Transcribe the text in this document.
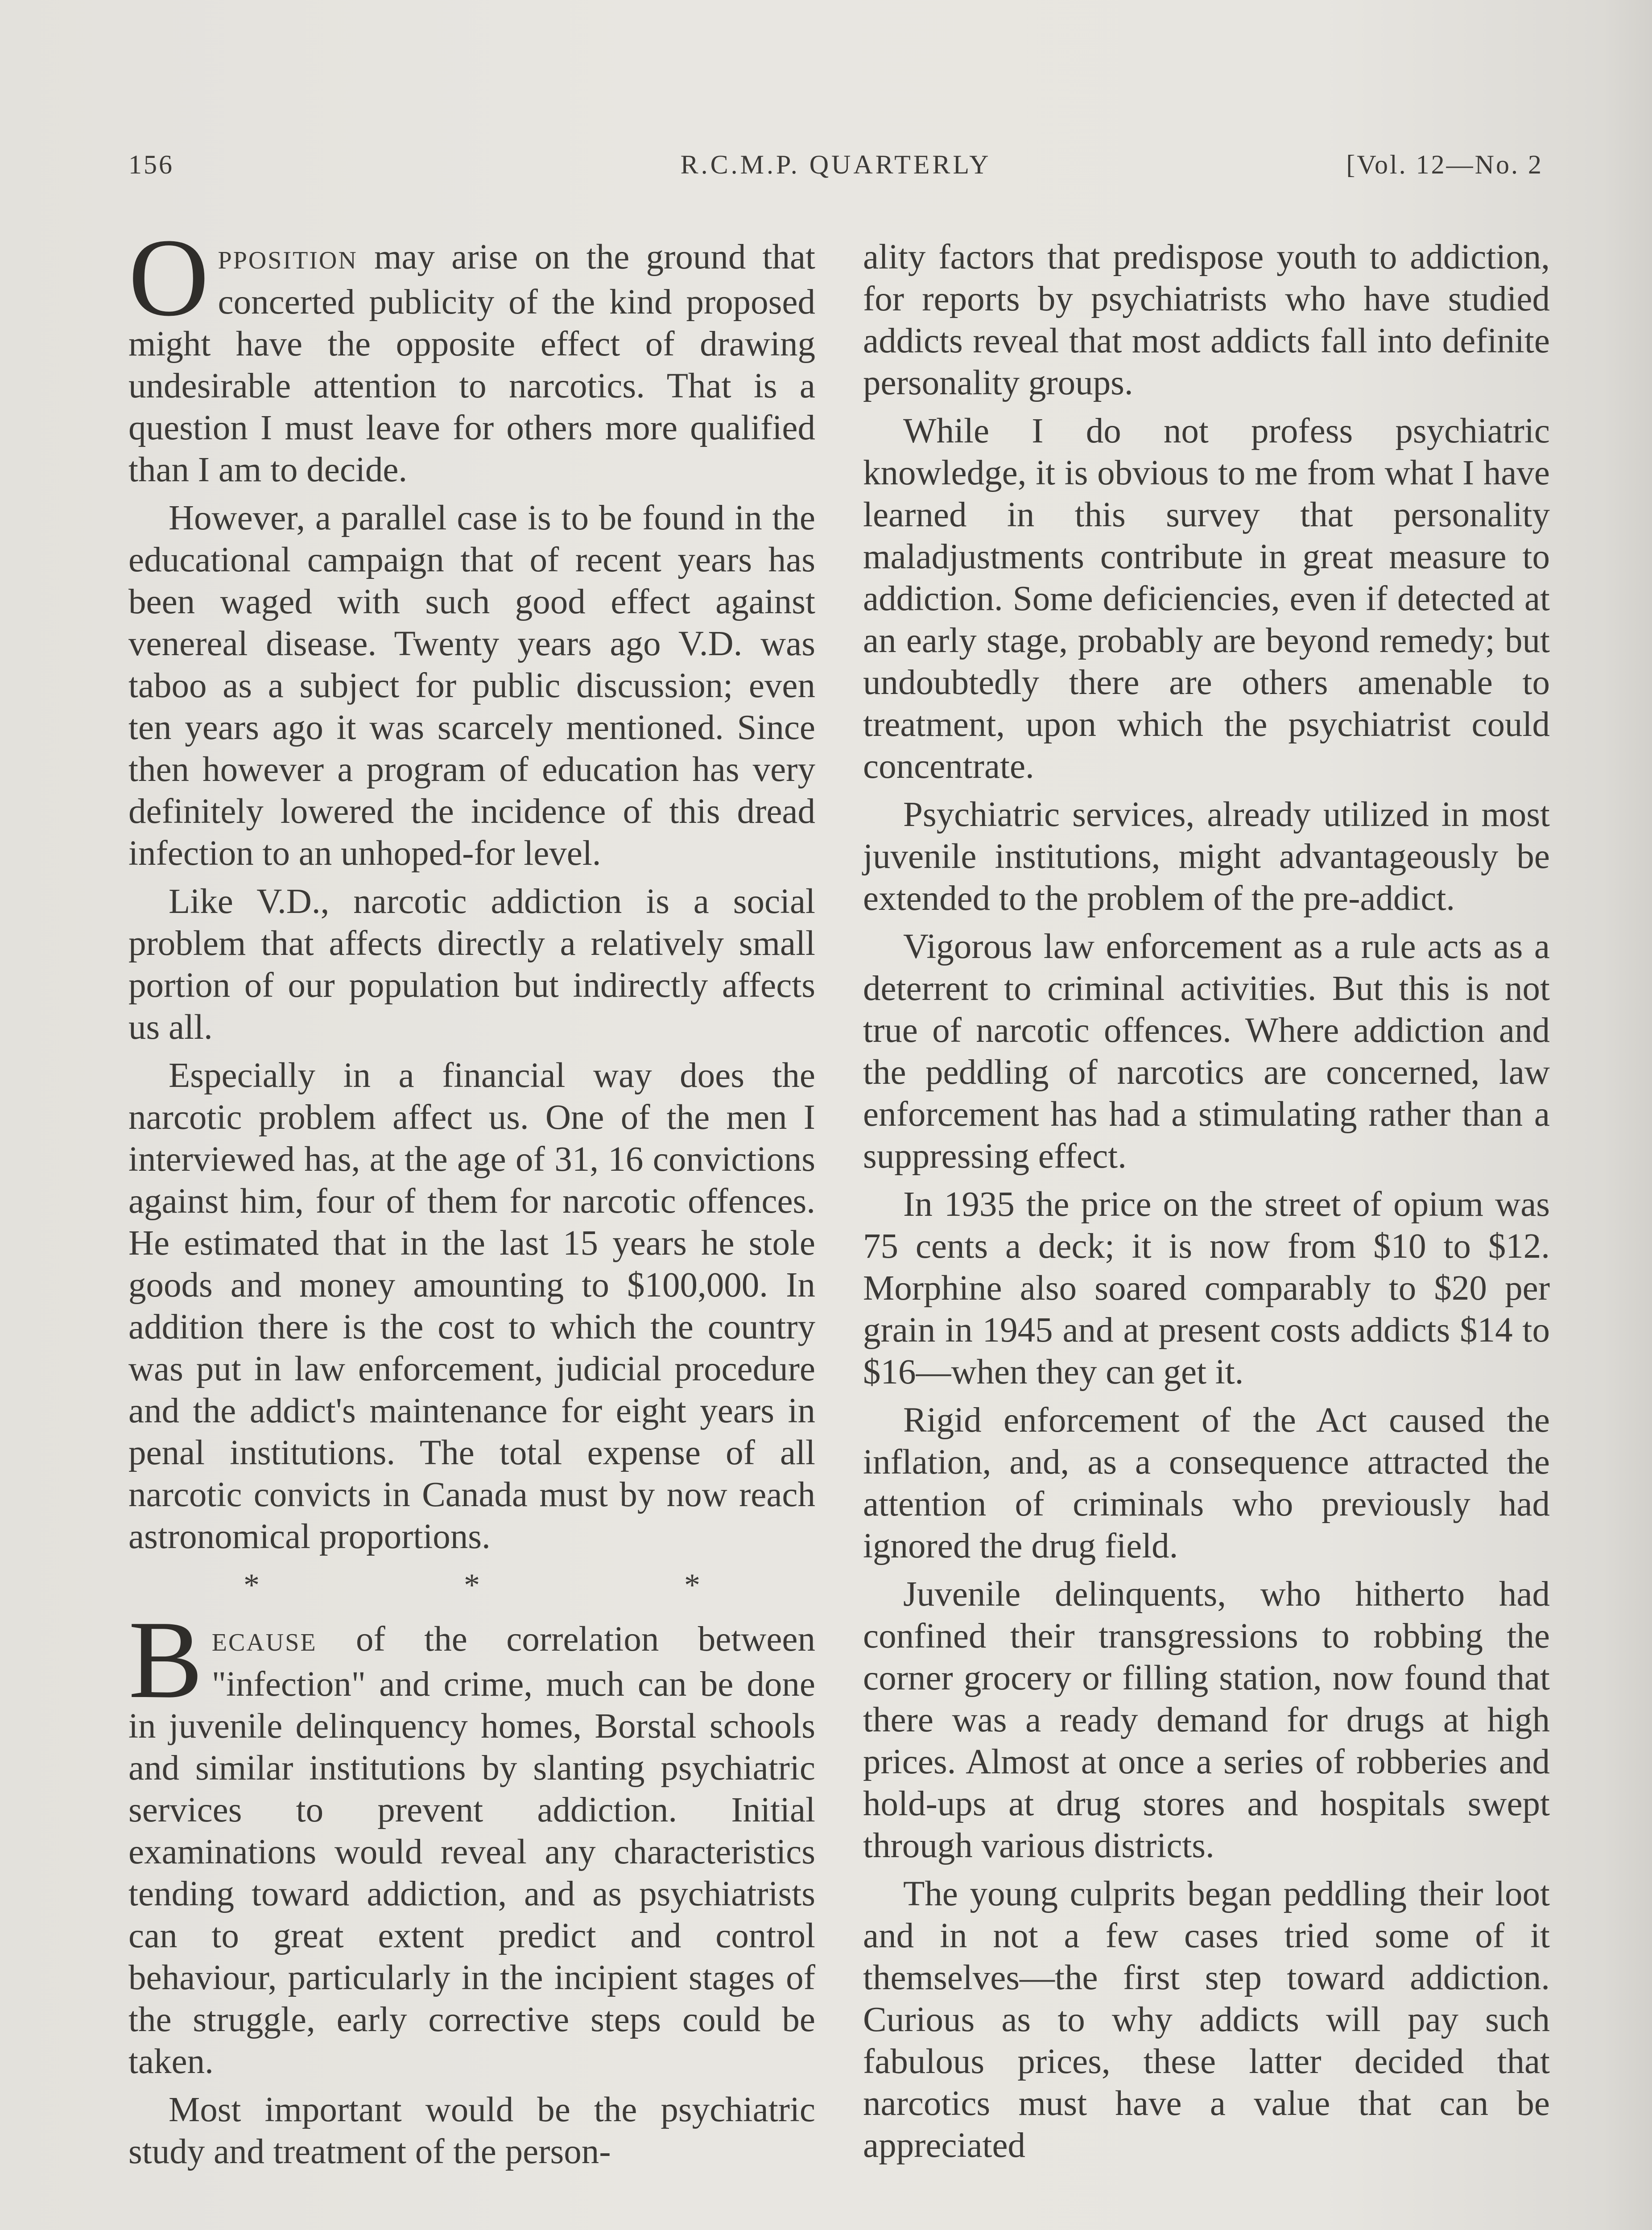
156	R.C.M.P. QUARTERLY	[Vol. 12—No. 2

OPPOSITION may arise on the ground that concerted publicity of the kind proposed might have the opposite effect of drawing undesirable attention to narcotics. That is a question I must leave for others more qualified than I am to decide.

However, a parallel case is to be found in the educational campaign that of recent years has been waged with such good effect against venereal disease. Twenty years ago V.D. was taboo as a subject for public discussion; even ten years ago it was scarcely mentioned. Since then however a program of education has very definitely lowered the incidence of this dread infection to an unhoped-for level.

Like V.D., narcotic addiction is a social problem that affects directly a relatively small portion of our population but indirectly affects us all.

Especially in a financial way does the narcotic problem affect us. One of the men I interviewed has, at the age of 31, 16 convictions against him, four of them for narcotic offences. He estimated that in the last 15 years he stole goods and money amounting to $100,000. In addition there is the cost to which the country was put in law enforcement, judicial procedure and the addict's maintenance for eight years in penal institutions. The total expense of all narcotic convicts in Canada must by now reach astronomical proportions.

* * *

BECAUSE of the correlation between "infection" and crime, much can be done in juvenile delinquency homes, Borstal schools and similar institutions by slanting psychiatric services to prevent addiction. Initial examinations would reveal any characteristics tending toward addiction, and as psychiatrists can to great extent predict and control behaviour, particularly in the incipient stages of the struggle, early corrective steps could be taken.

Most important would be the psychiatric study and treatment of the person-

ality factors that predispose youth to addiction, for reports by psychiatrists who have studied addicts reveal that most addicts fall into definite personality groups.

While I do not profess psychiatric knowledge, it is obvious to me from what I have learned in this survey that personality maladjustments contribute in great measure to addiction. Some deficiencies, even if detected at an early stage, probably are beyond remedy; but undoubtedly there are others amenable to treatment, upon which the psychiatrist could concentrate.

Psychiatric services, already utilized in most juvenile institutions, might advantageously be extended to the problem of the pre-addict.

Vigorous law enforcement as a rule acts as a deterrent to criminal activities. But this is not true of narcotic offences. Where addiction and the peddling of narcotics are concerned, law enforcement has had a stimulating rather than a suppressing effect.

In 1935 the price on the street of opium was 75 cents a deck; it is now from $10 to $12. Morphine also soared comparably to $20 per grain in 1945 and at present costs addicts $14 to $16—when they can get it.

Rigid enforcement of the Act caused the inflation, and, as a consequence attracted the attention of criminals who previously had ignored the drug field.

Juvenile delinquents, who hitherto had confined their transgressions to robbing the corner grocery or filling station, now found that there was a ready demand for drugs at high prices. Almost at once a series of robberies and hold-ups at drug stores and hospitals swept through various districts.

The young culprits began peddling their loot and in not a few cases tried some of it themselves—the first step toward addiction. Curious as to why addicts will pay such fabulous prices, these latter decided that narcotics must have a value that can be appreciated
